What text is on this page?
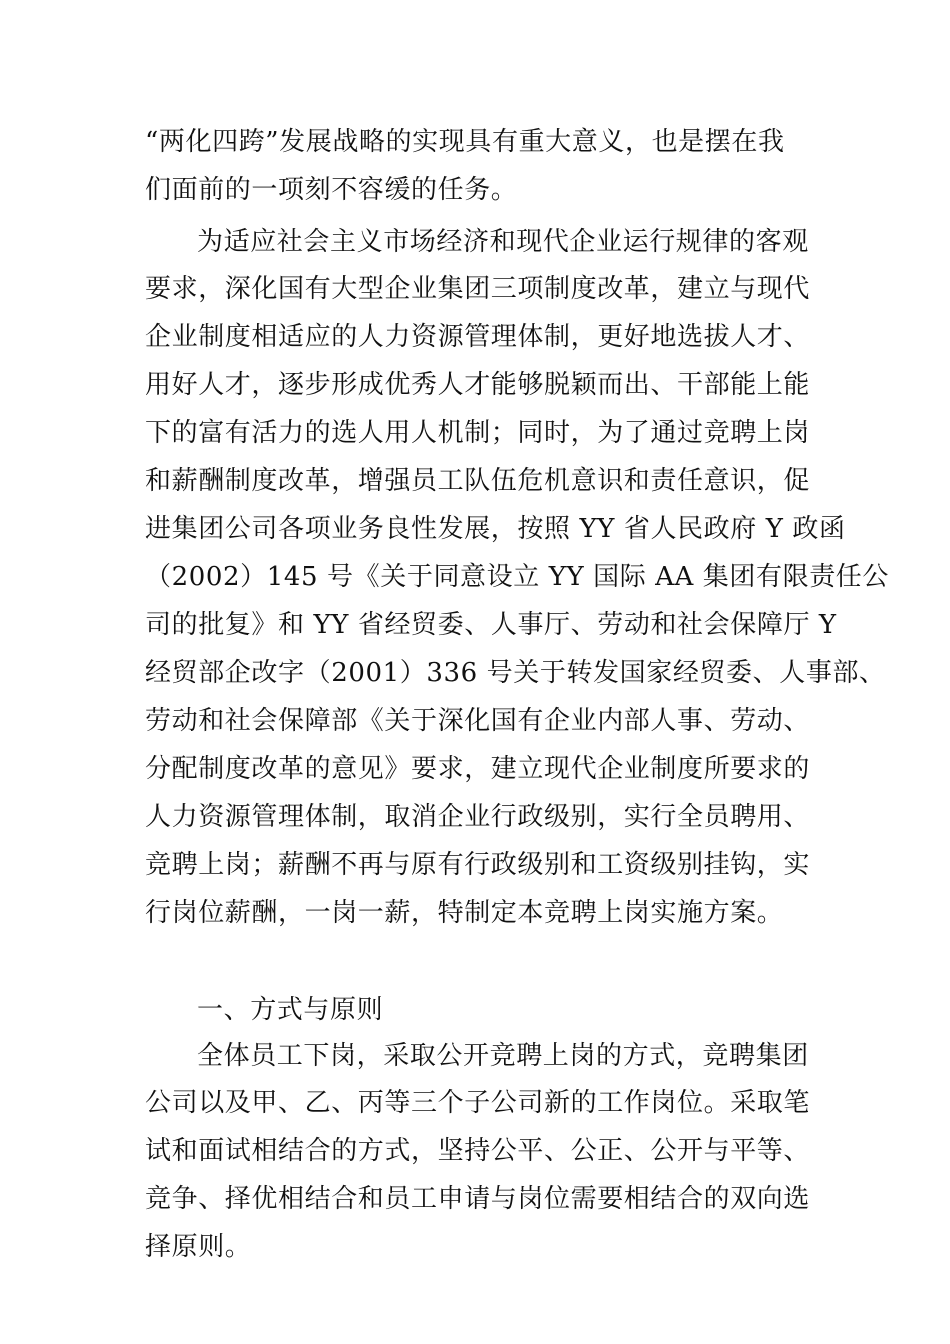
“两化四跨”发展战略的实现具有重大意义，也是摆在我
们面前的一项刻不容缓的任务。
为适应社会主义市场经济和现代企业运行规律的客观
要求，深化国有大型企业集团三项制度改革，建立与现代
企业制度相适应的人力资源管理体制，更好地选拔人才、
用好人才，逐步形成优秀人才能够脱颖而出、干部能上能
下的富有活力的选人用人机制；同时，为了通过竞聘上岗
和薪酬制度改革，增强员工队伍危机意识和责任意识，促
进集团公司各项业务良性发展，按照 YY 省人民政府 Y 政函
（2002）145 号《关于同意设立 YY 国际 AA 集团有限责任公
司的批复》和 YY 省经贸委、人事厅、劳动和社会保障厅 Y
经贸部企改字（2001）336 号关于转发国家经贸委、人事部、
劳动和社会保障部《关于深化国有企业内部人事、劳动、
分配制度改革的意见》要求，建立现代企业制度所要求的
人力资源管理体制，取消企业行政级别，实行全员聘用、
竞聘上岗；薪酬不再与原有行政级别和工资级别挂钩，实
行岗位薪酬，一岗一薪，特制定本竞聘上岗实施方案。
一、方式与原则
全体员工下岗，采取公开竞聘上岗的方式，竞聘集团
公司以及甲、乙、丙等三个子公司新的工作岗位。采取笔
试和面试相结合的方式，坚持公平、公正、公开与平等、
竞争、择优相结合和员工申请与岗位需要相结合的双向选
择原则。
